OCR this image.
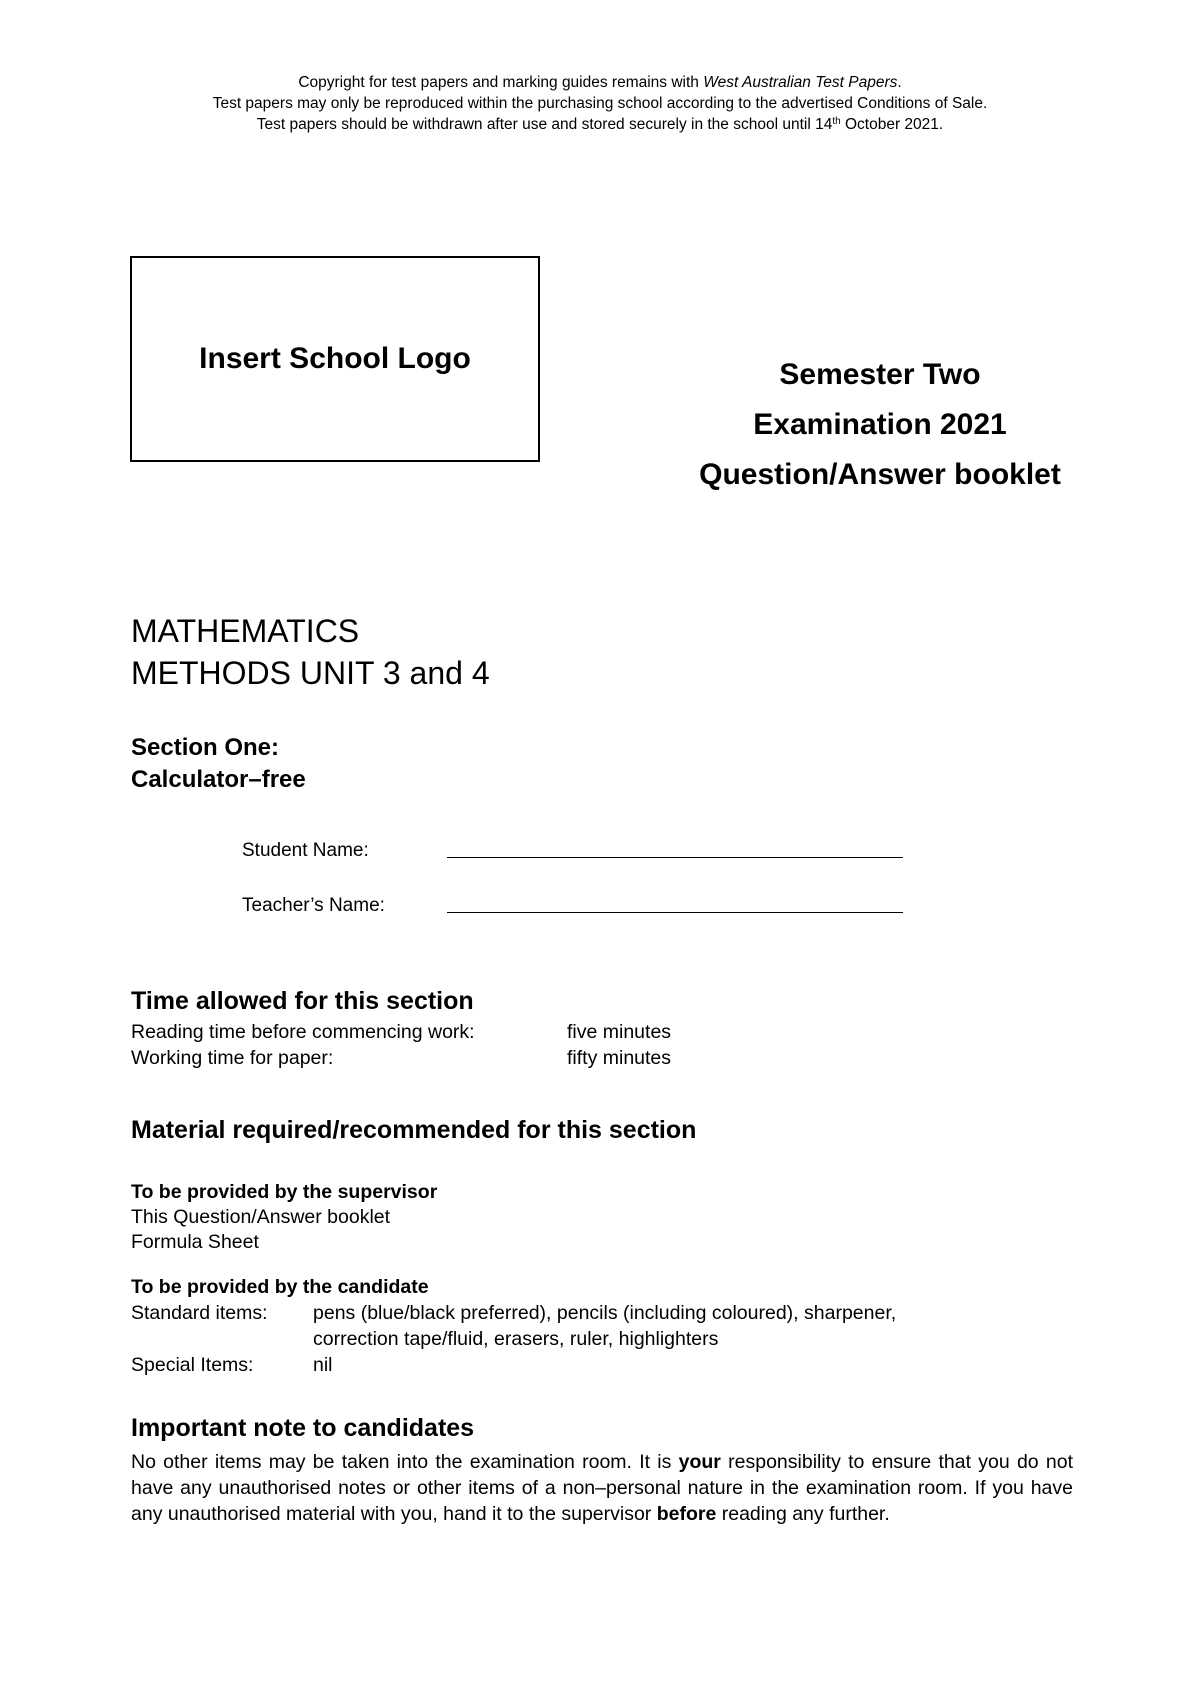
Copyright for test papers and marking guides remains with West Australian Test Papers.
Test papers may only be reproduced within the purchasing school according to the advertised Conditions of Sale.
Test papers should be withdrawn after use and stored securely in the school until 14th October 2021.
Insert School Logo	Semester Two
Examination 2021
Question/Answer booklet
MATHEMATICS
METHODS UNIT 3 and 4
Section One:
Calculator–free
Student Name:
Teacher’s Name:
Time allowed for this section
Reading time before commencing work:	five minutes
Working time for paper:	fifty minutes
Material required/recommended for this section
To be provided by the supervisor
This Question/Answer booklet
Formula Sheet
To be provided by the candidate
Standard items: pens (blue/black preferred), pencils (including coloured), sharpener,
correction tape/fluid, erasers, ruler, highlighters
Special Items:	nil
Important note to candidates
No other items may be taken into the examination room. It is your responsibility to ensure that you do not have any unauthorised notes or other items of a non–personal nature in the examination room. If you have any unauthorised material with you, hand it to the supervisor before reading any further.
